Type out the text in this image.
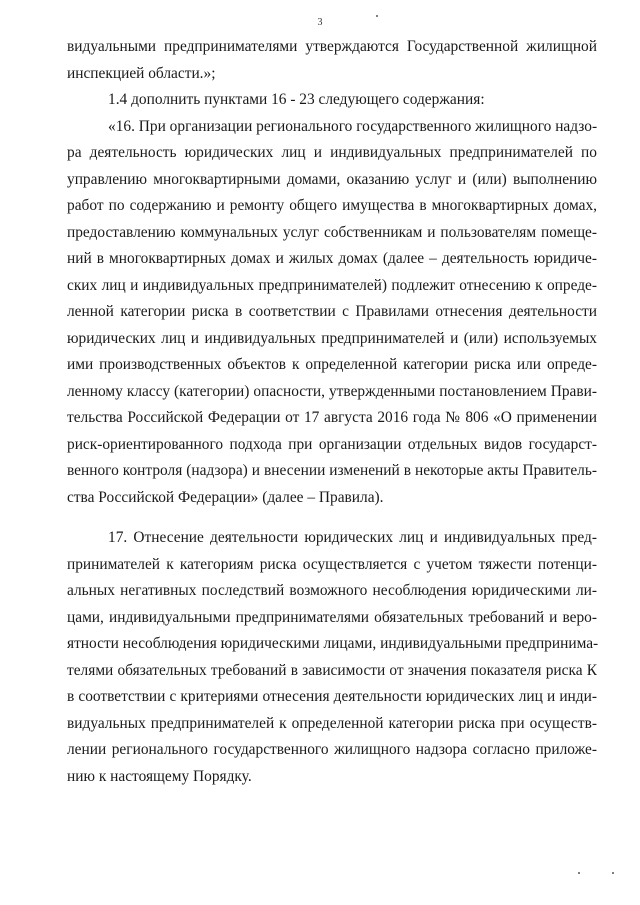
3
видуальными предпринимателями утверждаются Государственной жилищной
инспекцией области.»;
1.4 дополнить пунктами 16 - 23 следующего содержания:
«16. При организации регионального государственного жилищного надзо-
ра деятельность юридических лиц и индивидуальных предпринимателей по
управлению многоквартирными домами, оказанию услуг и (или) выполнению
работ по содержанию и ремонту общего имущества в многоквартирных домах,
предоставлению коммунальных услуг собственникам и пользователям помеще-
ний в многоквартирных домах и жилых домах (далее – деятельность юридиче-
ских лиц и индивидуальных предпринимателей) подлежит отнесению к опреде-
ленной категории риска в соответствии с Правилами отнесения деятельности
юридических лиц и индивидуальных предпринимателей и (или) используемых
ими производственных объектов к определенной категории риска или опреде-
ленному классу (категории) опасности, утвержденными постановлением Прави-
тельства Российской Федерации от 17 августа 2016 года № 806 «О применении
риск-ориентированного подхода при организации отдельных видов государст-
венного контроля (надзора) и внесении изменений в некоторые акты Правитель-
ства Российской Федерации» (далее – Правила).
17. Отнесение деятельности юридических лиц и индивидуальных пред-
принимателей к категориям риска осуществляется с учетом тяжести потенци-
альных негативных последствий возможного несоблюдения юридическими ли-
цами, индивидуальными предпринимателями обязательных требований и веро-
ятности несоблюдения юридическими лицами, индивидуальными предпринима-
телями обязательных требований в зависимости от значения показателя риска К
в соответствии с критериями отнесения деятельности юридических лиц и инди-
видуальных предпринимателей к определенной категории риска при осуществ-
лении регионального государственного жилищного надзора согласно приложе-
нию к настоящему Порядку.
